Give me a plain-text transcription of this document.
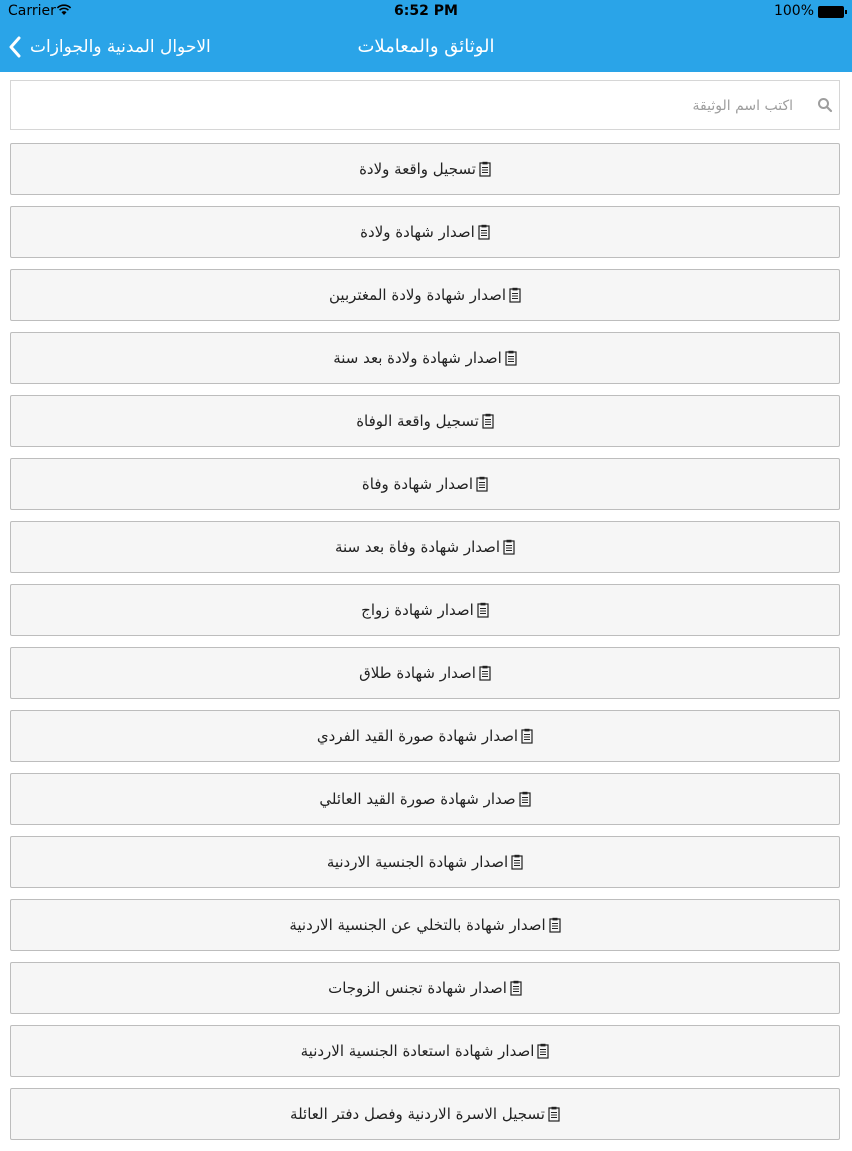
Carrier	6:52 PM	100%
الاحوال المدنية والجوازات	الوثائق والمعاملات
اكتب اسم الوثيقة
تسجيل واقعة ولادة
اصدار شهادة ولادة
اصدار شهادة ولادة المغتربين
اصدار شهادة ولادة بعد سنة
تسجيل واقعة الوفاة
اصدار شهادة وفاة
اصدار شهادة وفاة بعد سنة
اصدار شهادة زواج
اصدار شهادة طلاق
اصدار شهادة صورة القيد الفردي
صدار شهادة صورة القيد العائلي
اصدار شهادة الجنسية الاردنية
اصدار شهادة بالتخلي عن الجنسية الاردنية
اصدار شهادة تجنس الزوجات
اصدار شهادة استعادة الجنسية الاردنية
تسجيل الاسرة الاردنية وفصل دفتر العائلة
